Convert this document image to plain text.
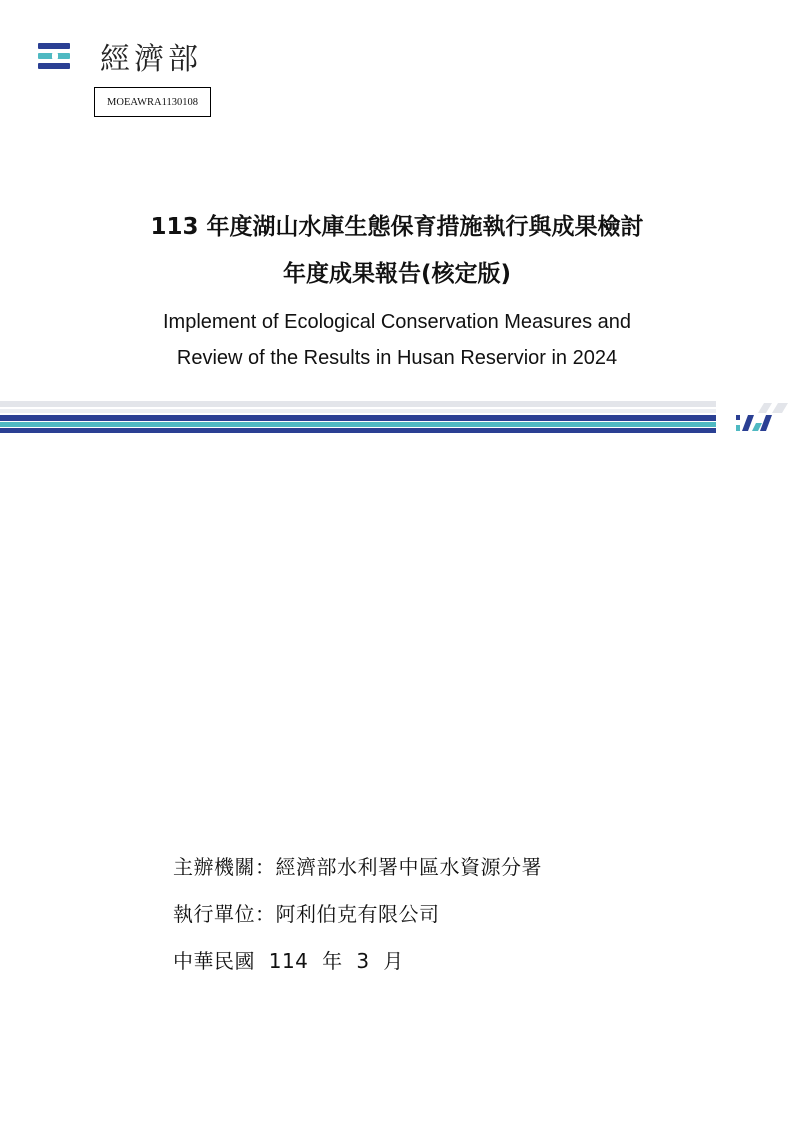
經濟部
MOEAWRA1130108
113 年度湖山水庫生態保育措施執行與成果檢討
年度成果報告(核定版)
Implement of Ecological Conservation Measures and
Review of the Results in Husan Reservior in 2024
主辦機關：經濟部水利署中區水資源分署
執行單位：阿利伯克有限公司
中華民國  114  年  3  月
